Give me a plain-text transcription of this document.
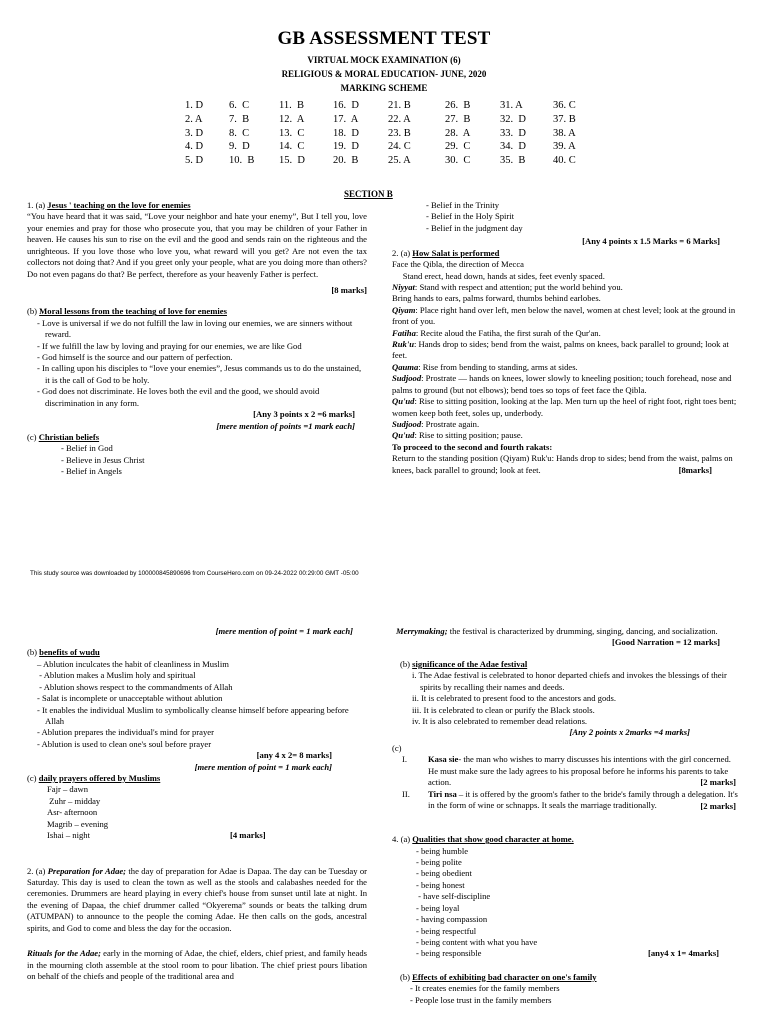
GB ASSESSMENT TEST
VIRTUAL MOCK EXAMINATION (6)
RELIGIOUS & MORAL EDUCATION- JUNE, 2020
MARKING SCHEME
1. D
2. A
3. D
4. D
5. D
6.  C
7.  B
8.  C
9.  D
10.  B
11.  B
12.  A
13.  C
14.  C
15.  D
16.  D
17.  A
18.  D
19.  D
20.  B
21. B
22. A
23. B
24. C
25. A
26.  B
27.  B
28.  A
29.  C
30.  C
31. A
32.  D
33.  D
34.  D
35.  B
36. C
37. B
38. A
39. A
40. C
SECTION B

1. (a) Jesus ' teaching on the love for enemies

“You have heard that it was said, “Love your neighbor and hate your enemy”, But I tell you, love your enemies and pray for those who prosecute you, that you may be children of your Father in heaven. He causes his sun to rise on the evil and the good and sends rain on the righteous and the unrighteous. If you love those who love you, what reward will you get? Are not even the tax collectors not doing that? And if you greet only your people, what are you doing more than others? Do not even pagans do that? Be perfect, therefore as your heavenly Father is perfect.

[8 marks]

(b) Moral lessons from the teaching of love for enemies

- Love is universal if we do not fulfill the law in loving our enemies, we are sinners without reward.

- If we fulfill the law by loving and praying for our enemies, we are like God

- God himself is the source and our pattern of perfection.

- In calling upon his disciples to “love your enemies”, Jesus commands us to do the unstained, it is the call of God to be holy.

- God does not discriminate. He loves both the evil and the good, we should avoid discrimination in any form.

[Any 3 points x 2 =6 marks]

[mere mention of points =1 mark each]

(c) Christian beliefs

- Belief in God

- Believe in Jesus Christ

- Belief in Angels

- Belief in the Trinity

- Belief in the Holy Spirit

- Belief in the judgment day

[Any 4 points x 1.5 Marks = 6 Marks]

2. (a) How Salat is performed

Face the Qibla, the direction of Mecca

Stand erect, head down, hands at sides, feet evenly spaced.

Niyyat: Stand with respect and attention; put the world behind you.

Bring hands to ears, palms forward, thumbs behind earlobes.

Qiyam: Place right hand over left, men below the navel, women at chest level; look at the ground in front of you.

Fatiha: Recite aloud the Fatiha, the first surah of the Qur'an.

Ruk'u: Hands drop to sides; bend from the waist, palms on knees, back parallel to ground; look at feet.

Qauma: Rise from bending to standing, arms at sides.

Sudjood: Prostrate — hands on knees, lower slowly to kneeling position; touch forehead, nose and palms to ground (but not elbows); bend toes so tops of feet face the Qibla.

Qu'ud: Rise to sitting position, looking at the lap. Men turn up the heel of right foot, right toes bent; women keep both feet, soles up, underbody.

Sudjood: Prostrate again.

Qu'ud: Rise to sitting position; pause.

To proceed to the second and fourth rakats:

Return to the standing position (Qiyam) Ruk'u: Hands drop to sides; bend from the waist, palms on knees, back parallel to ground; look at feet.	[8marks]

This study source was downloaded by 100000845890696 from CourseHero.com on 09-24-2022 00:29:00 GMT -05:00

[mere mention of point = 1 mark each]

(b) benefits of wudu

– Ablution inculcates the habit of cleanliness in Muslim

- Ablution makes a Muslim holy and spiritual

- Ablution shows respect to the commandments of Allah

- Salat is incomplete or unacceptable without ablution

- It enables the individual Muslim to symbolically cleanse himself before appearing before Allah

- Ablution prepares the individual's mind for prayer

- Ablution is used to clean one's soul before prayer

[any 4 x 2= 8 marks]

[mere mention of point = 1 mark each]

(c) daily prayers offered by Muslims

Fajr – dawn

Zuhr – midday

Asr- afternoon

Magrib – evening

Ishai – night	[4 marks]

2. (a) Preparation for Adae; the day of preparation for Adae is Dapaa. The day can be Tuesday or Saturday. This day is used to clean the town as well as the stools and calabashes needed for the ceremonies. Drummers are heard playing in every chief's house from sunset until late at night. In the evening of Dapaa, the chief drummer called “Okyerema” sounds or beats the talking drum (ATUMPAN) to announce to the people the coming Adae. He then calls on the gods, ancestral spirits, and God to come and bless the day for the occasion.

Rituals for the Adae; early in the morning of Adae, the chief, elders, chief priest, and family heads in the mourning cloth assemble at the stool room to pour libation. The chief priest pours libation on behalf of the chiefs and people of the traditional area and

Merrymaking; the festival is characterized by drumming, singing, dancing, and socialization.

[Good Narration = 12 marks]

(b) significance of the Adae festival

i. The Adae festival is celebrated to honor departed chiefs and invokes the blessings of their spirits by recalling their names and deeds.

ii. It is celebrated to present food to the ancestors and gods.

iii. It is celebrated to clean or purify the Black stools.

iv. It is also celebrated to remember dead relations.

[Any 2 points x 2marks =4 marks]

(c)

I. Kasa sie- the man who wishes to marry discusses his intentions with the girl concerned. He must make sure the lady agrees to his proposal before he informs his parents to take action.	[2 marks]

II. Tiri nsa – it is offered by the groom's father to the bride's family through a delegation. It's in the form of wine or schnapps. It seals the marriage traditionally.	[2 marks]

4. (a) Qualities that show good character at home.

- being humble

- being polite

- being obedient

- being honest

- have self-discipline

- being loyal

- having compassion

- being respectful

- being content with what you have

- being responsible	[any4 x 1= 4marks]

(b) Effects of exhibiting bad character on one's family

- It creates enemies for the family members

- People lose trust in the family members
